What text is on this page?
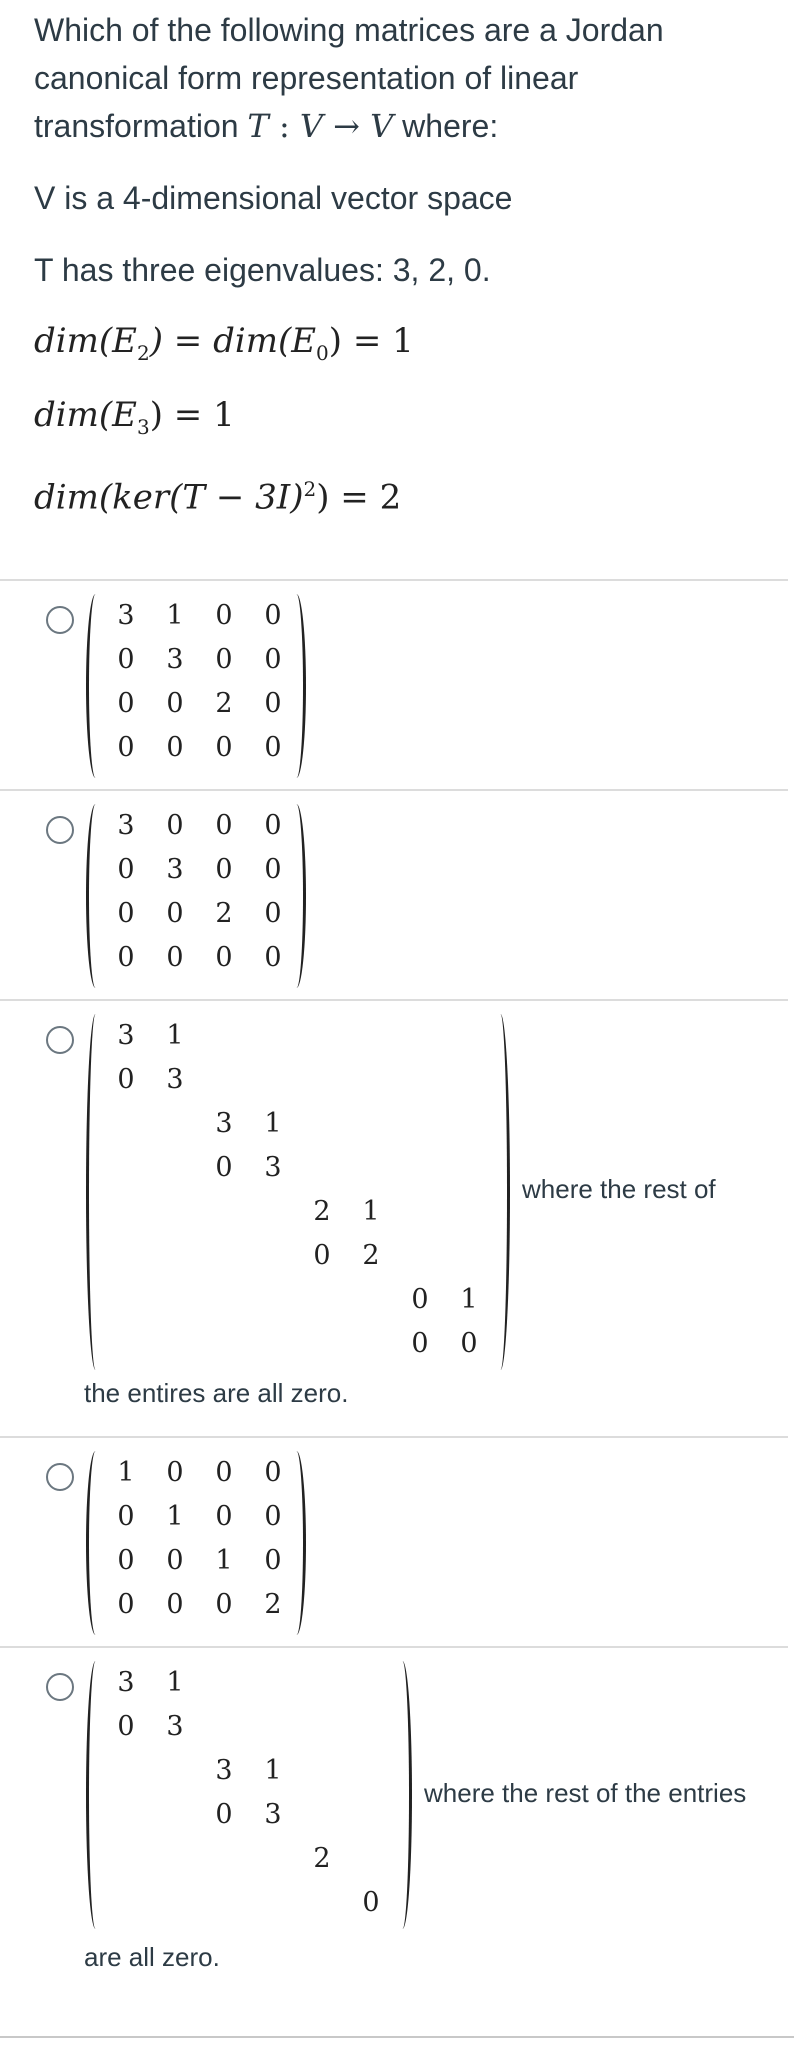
Which of the following matrices are a Jordan
canonical form representation of linear
transformation T : V → V where:
V is a 4-dimensional vector space
T has three eigenvalues: 3, 2, 0.
$dim(E_2) = dim(E_0) = 1$
$dim(E_3) = 1$
$dim(ker(T - 3I)^2) = 2$
3	1	0	0
0	3	0	0
0	0	2	0
0	0	0	0
3	0	0	0
0	3	0	0
0	0	2	0
0	0	0	0
3	1
0	3
3	1
0	3
2	1
0	2
0	1
0	0
where the rest of
the entires are all zero.
1	0	0	0
0	1	0	0
0	0	1	0
0	0	0	2
3	1
0	3
3	1
0	3
2
0
where the rest of the entries
are all zero.
